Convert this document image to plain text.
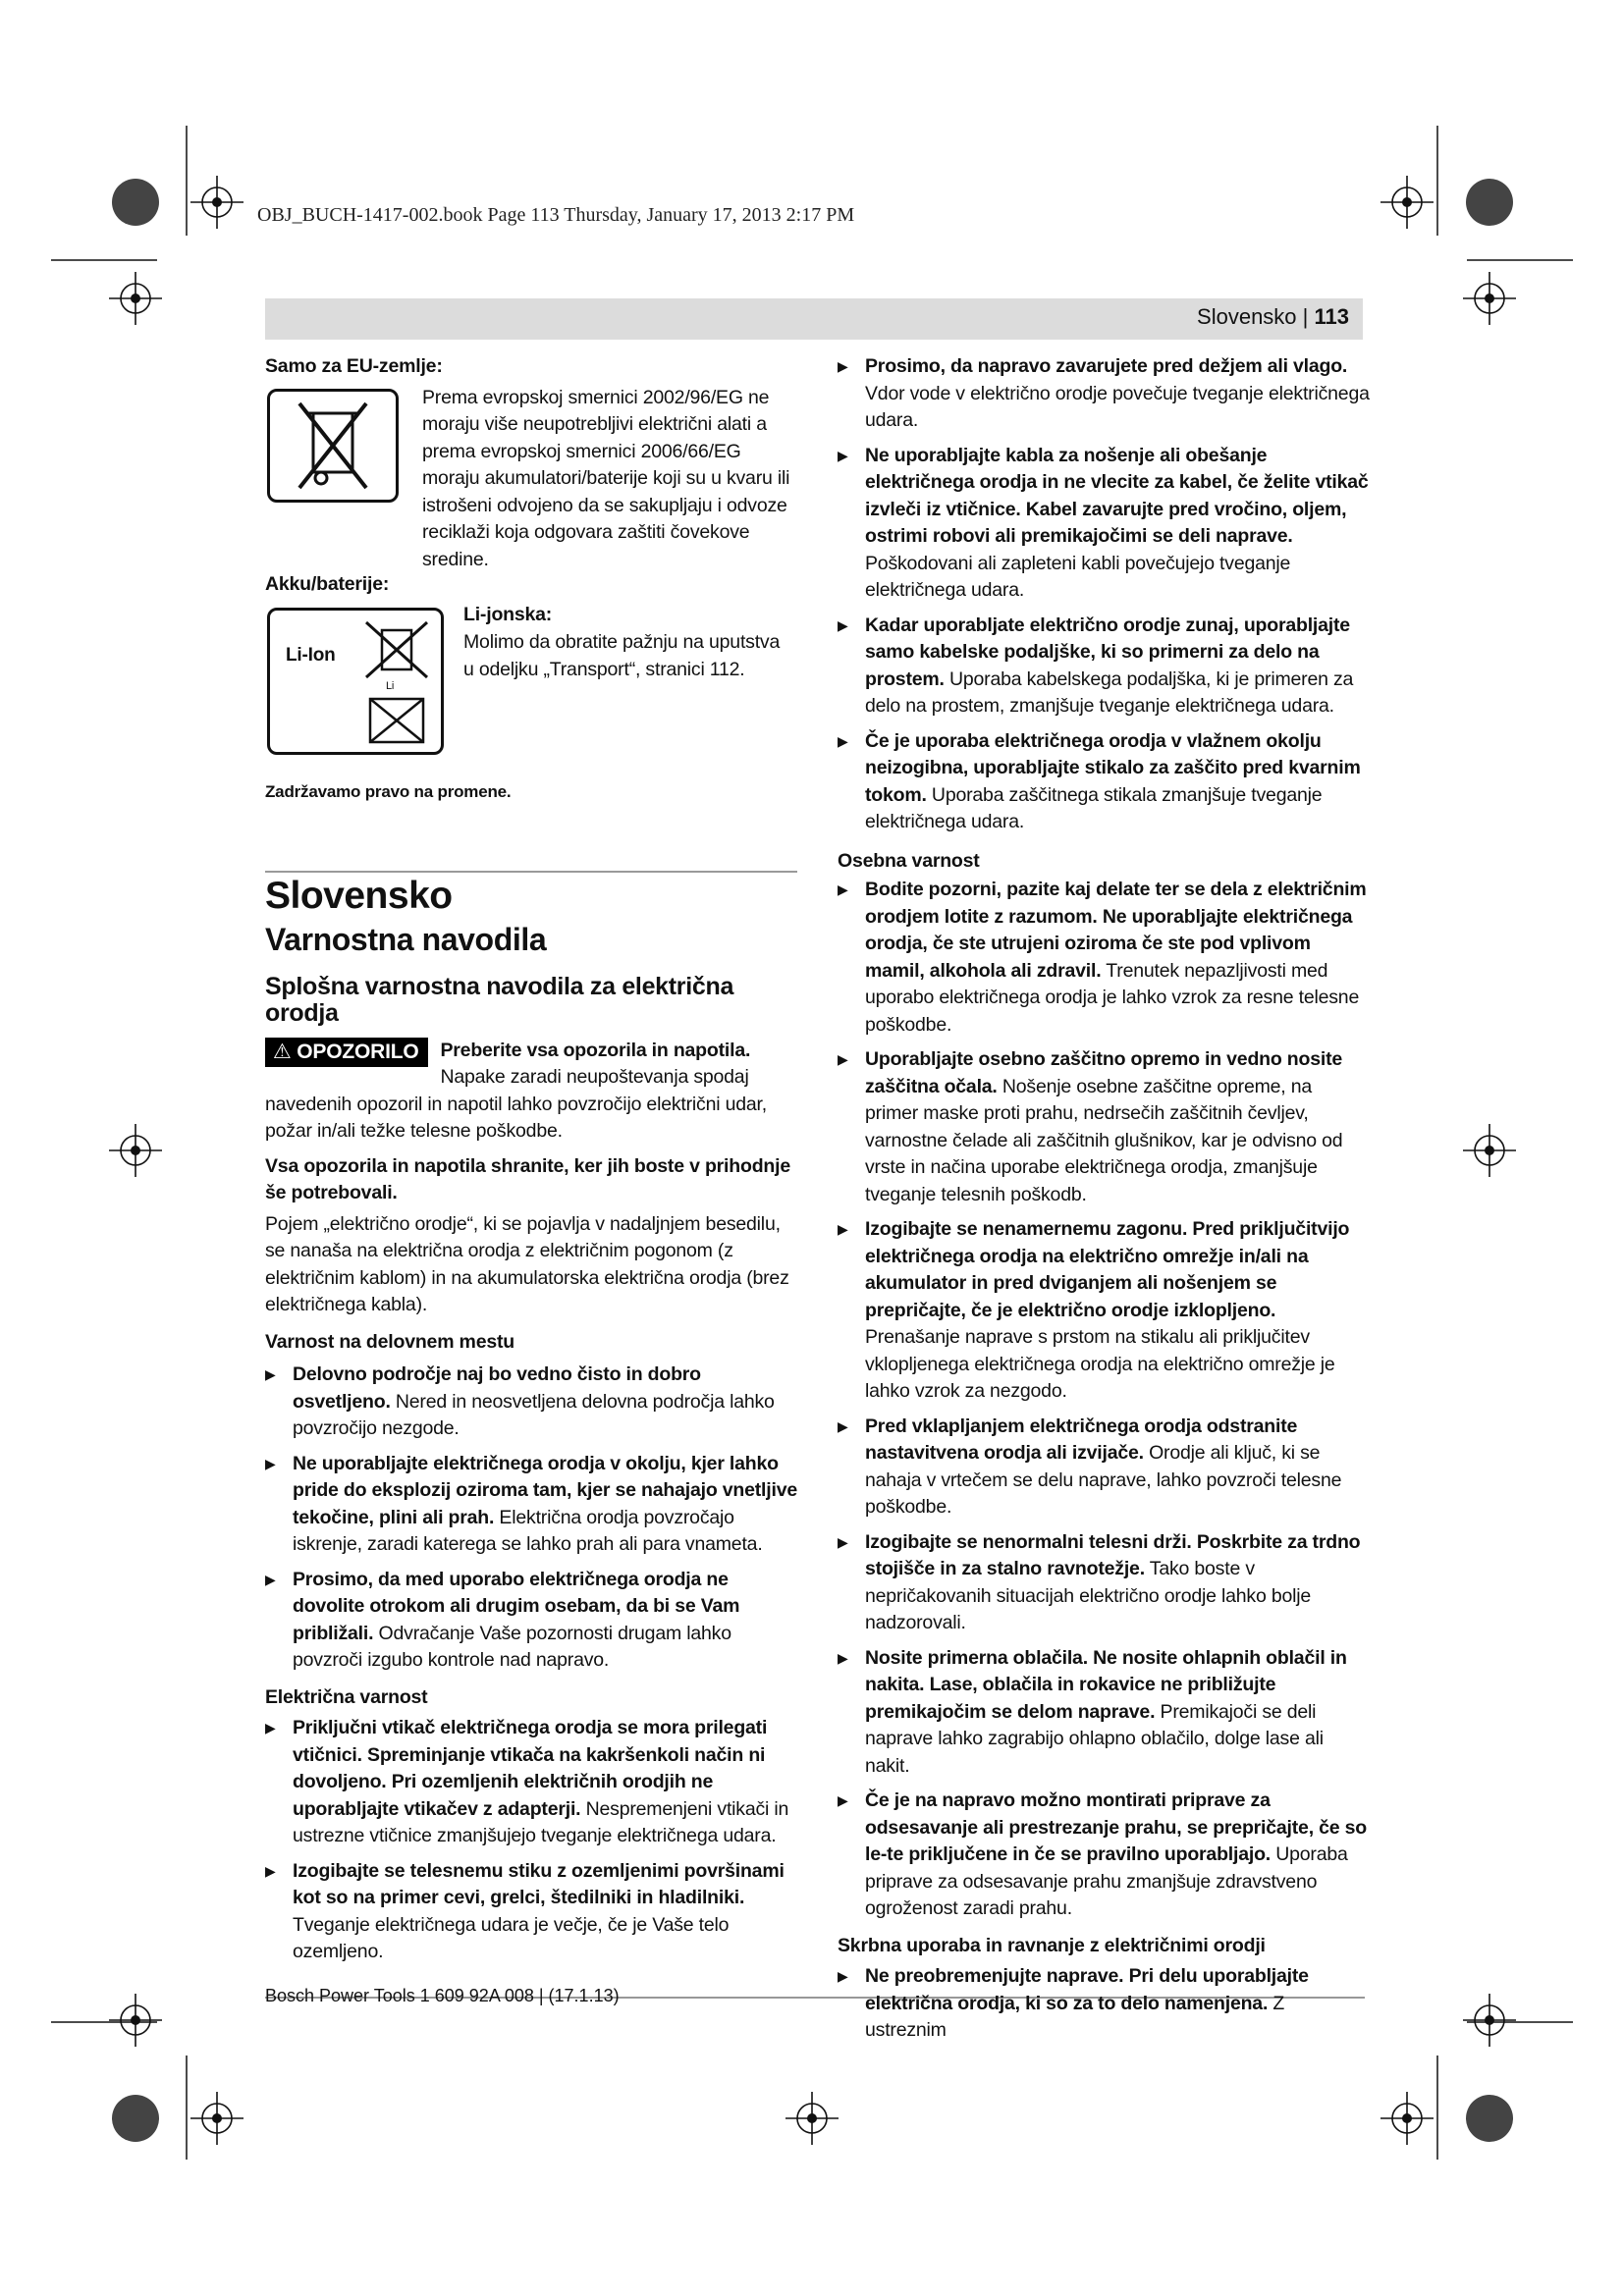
OBJ_BUCH-1417-002.book Page 113 Thursday, January 17, 2013 2:17 PM
Slovensko | 113

Samo za EU-zemlje:

Prema evropskoj smernici 2002/96/EG ne moraju više neupotrebljivi električni alati a prema evropskoj smernici 2006/66/EG moraju akumulatori/baterije koji su u kvaru ili istrošeni odvojeno da se sakupljaju i odvoze reciklaži koja odgovara zaštiti čovekove sredine.

Akku/baterije:

Li-Ion
Li

Li-jonska:

Molimo da obratite pažnju na uputstva u odeljku „Transport“, stranici 112.

Zadržavamo pravo na promene.

Slovensko
Varnostna navodila
Splošna varnostna navodila za električna orodja
⚠ OPOZORILO	Preberite vsa opozorila in napotila.

Napake zaradi neupoštevanja spodaj

navedenih opozoril in napotil lahko povzročijo električni udar, požar in/ali težke telesne poškodbe.

Vsa opozorila in napotila shranite, ker jih boste v prihodnje še potrebovali.

Pojem „električno orodje“, ki se pojavlja v nadaljnjem besedilu, se nanaša na električna orodja z električnim pogonom (z električnim kablom) in na akumulatorska električna orodja (brez električnega kabla).

Varnost na delovnem mestu

▶ Delovno področje naj bo vedno čisto in dobro osvetljeno. Nered in neosvetljena delovna področja lahko povzročijo nezgode.

▶ Ne uporabljajte električnega orodja v okolju, kjer lahko pride do eksplozij oziroma tam, kjer se nahajajo vnetljive tekočine, plini ali prah. Električna orodja povzročajo iskrenje, zaradi katerega se lahko prah ali para vnameta.

▶ Prosimo, da med uporabo električnega orodja ne dovolite otrokom ali drugim osebam, da bi se Vam približali. Odvračanje Vaše pozornosti drugam lahko povzroči izgubo kontrole nad napravo.

Električna varnost

▶ Priključni vtikač električnega orodja se mora prilegati vtičnici. Spreminjanje vtikača na kakršenkoli način ni dovoljeno. Pri ozemljenih električnih orodjih ne uporabljajte vtikačev z adapterji. Nespremenjeni vtikači in ustrezne vtičnice zmanjšujejo tveganje električnega udara.

▶ Izogibajte se telesnemu stiku z ozemljenimi površinami kot so na primer cevi, grelci, štedilniki in hladilniki. Tveganje električnega udara je večje, če je Vaše telo ozemljeno.

▶ Prosimo, da napravo zavarujete pred dežjem ali vlago. Vdor vode v električno orodje povečuje tveganje električnega udara.

▶ Ne uporabljajte kabla za nošenje ali obešanje električnega orodja in ne vlecite za kabel, če želite vtikač izvleči iz vtičnice. Kabel zavarujte pred vročino, oljem, ostrimi robovi ali premikajočimi se deli naprave. Poškodovani ali zapleteni kabli povečujejo tveganje električnega udara.

▶ Kadar uporabljate električno orodje zunaj, uporabljajte samo kabelske podaljške, ki so primerni za delo na prostem. Uporaba kabelskega podaljška, ki je primeren za delo na prostem, zmanjšuje tveganje električnega udara.

▶ Če je uporaba električnega orodja v vlažnem okolju neizogibna, uporabljajte stikalo za zaščito pred kvarnim tokom. Uporaba zaščitnega stikala zmanjšuje tveganje električnega udara.

Osebna varnost

▶ Bodite pozorni, pazite kaj delate ter se dela z električnim orodjem lotite z razumom. Ne uporabljajte električnega orodja, če ste utrujeni oziroma če ste pod vplivom mamil, alkohola ali zdravil. Trenutek nepazljivosti med uporabo električnega orodja je lahko vzrok za resne telesne poškodbe.

▶ Uporabljajte osebno zaščitno opremo in vedno nosite zaščitna očala. Nošenje osebne zaščitne opreme, na primer maske proti prahu, nedrsečih zaščitnih čevljev, varnostne čelade ali zaščitnih glušnikov, kar je odvisno od vrste in načina uporabe električnega orodja, zmanjšuje tveganje telesnih poškodb.

▶ Izogibajte se nenamernemu zagonu. Pred priključitvijo električnega orodja na električno omrežje in/ali na akumulator in pred dviganjem ali nošenjem se prepričajte, če je električno orodje izklopljeno. Prenašanje naprave s prstom na stikalu ali priključitev vklopljenega električnega orodja na električno omrežje je lahko vzrok za nezgodo.

▶ Pred vklapljanjem električnega orodja odstranite nastavitvena orodja ali izvijače. Orodje ali ključ, ki se nahaja v vrtečem se delu naprave, lahko povzroči telesne poškodbe.

▶ Izogibajte se nenormalni telesni drži. Poskrbite za trdno stojišče in za stalno ravnotežje. Tako boste v nepričakovanih situacijah električno orodje lahko bolje nadzorovali.

▶ Nosite primerna oblačila. Ne nosite ohlapnih oblačil in nakita. Lase, oblačila in rokavice ne približujte premikajočim se delom naprave. Premikajoči se deli naprave lahko zagrabijo ohlapno oblačilo, dolge lase ali nakit.

▶ Če je na napravo možno montirati priprave za odsesavanje ali prestrezanje prahu, se prepričajte, če so le-te priključene in če se pravilno uporabljajo. Uporaba priprave za odsesavanje prahu zmanjšuje zdravstveno ogroženost zaradi prahu.

Skrbna uporaba in ravnanje z električnimi orodji

▶ Ne preobremenjujte naprave. Pri delu uporabljajte električna orodja, ki so za to delo namenjena. Z ustreznim

Bosch Power Tools 1 609 92A 008 | (17.1.13)
